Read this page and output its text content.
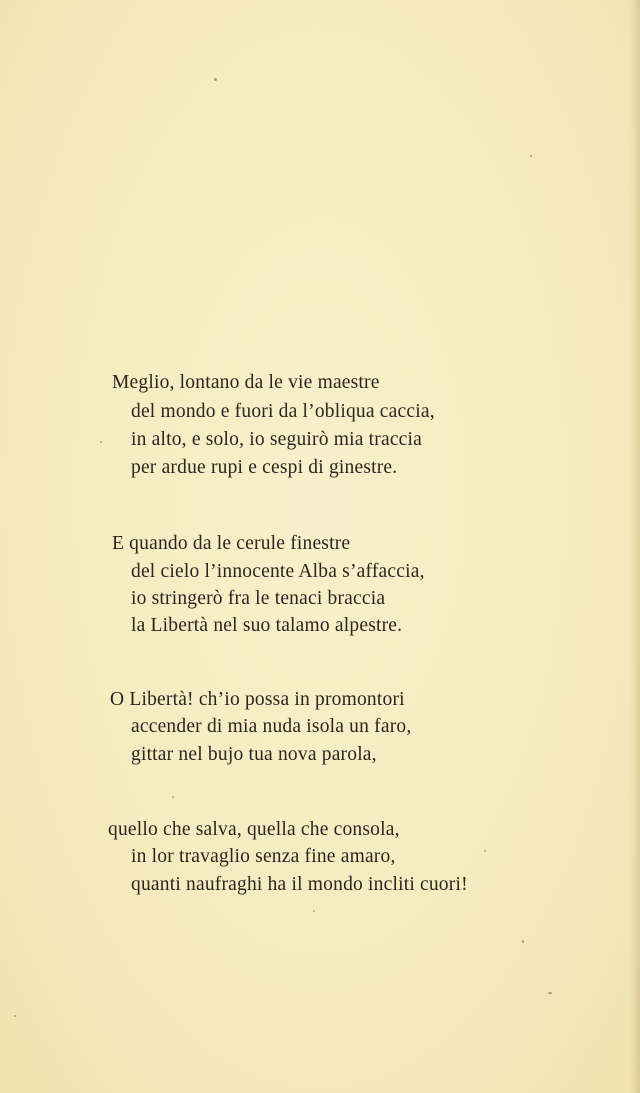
Meglio, lontano da le vie maestre
del mondo e fuori da l’obliqua caccia,
in alto, e solo, io seguirò mia traccia
per ardue rupi e cespi di ginestre.
E quando da le cerule finestre
del cielo l’innocente Alba s’affaccia,
io stringerò fra le tenaci braccia
la Libertà nel suo talamo alpestre.
O Libertà! ch’io possa in promontori
accender di mia nuda isola un faro,
gittar nel bujo tua nova parola,
quello che salva, quella che consola,
in lor travaglio senza fine amaro,
quanti naufraghi ha il mondo incliti cuori!
